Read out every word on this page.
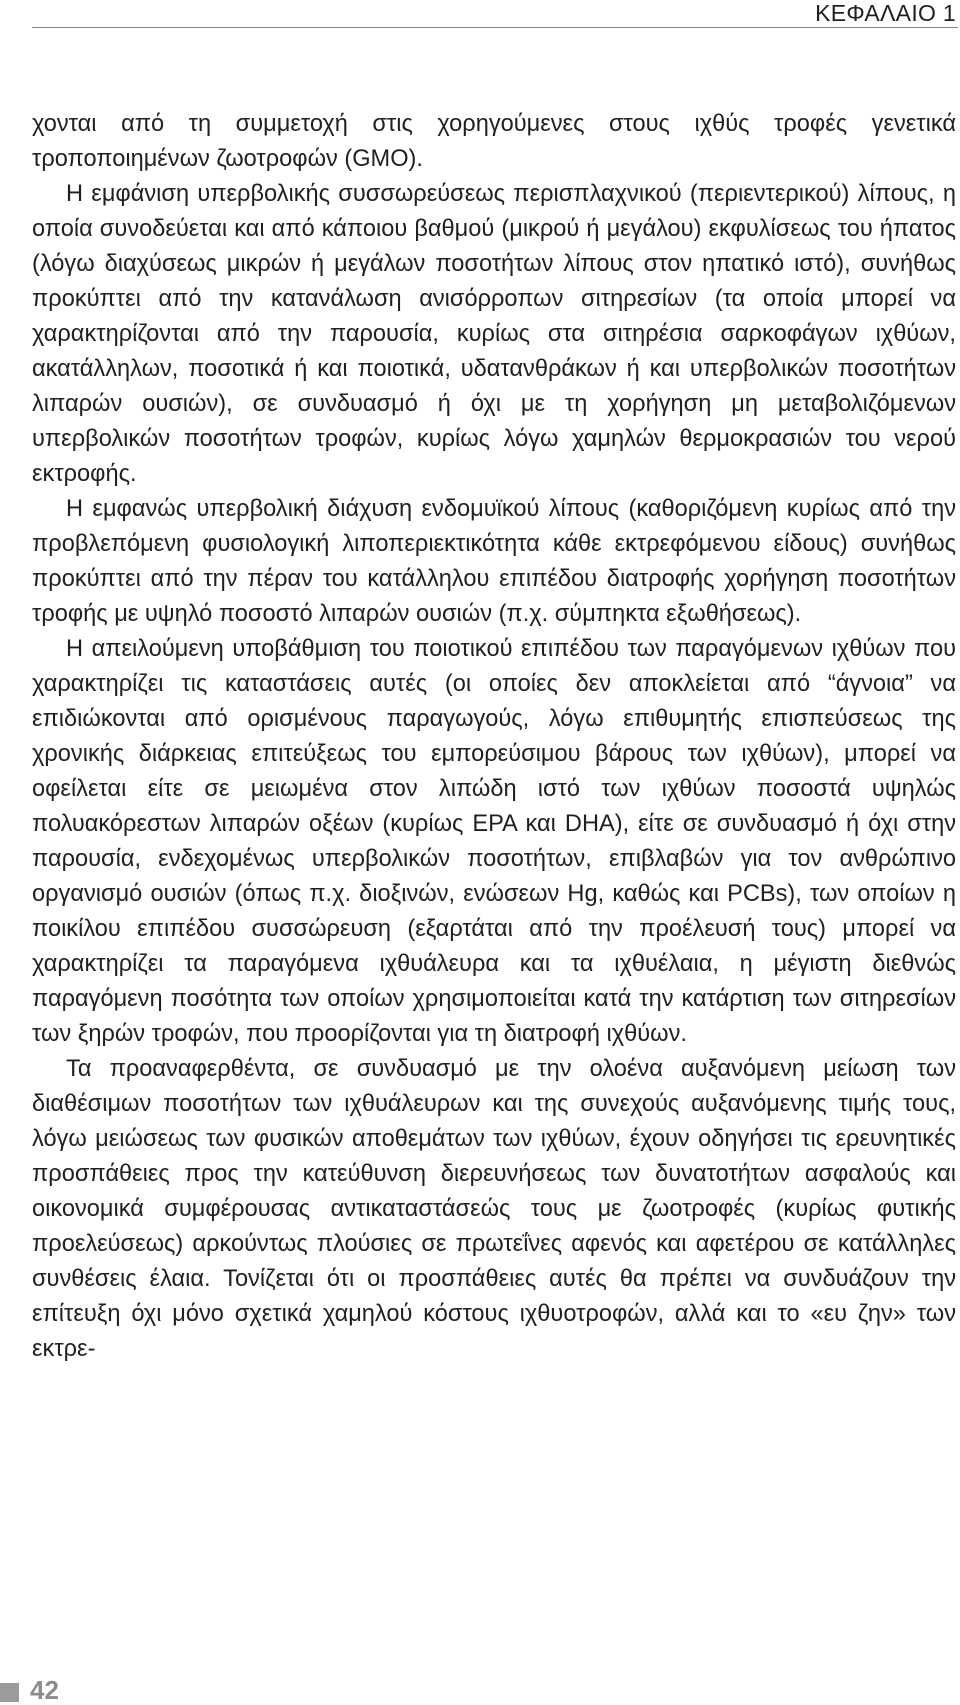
ΚΕΦΑΛΑΙΟ 1

χονται από τη συμμετοχή στις χορηγούμενες στους ιχθύς τροφές γενετικά τροποποιημένων ζωοτροφών (GMO).

Η εμφάνιση υπερβολικής συσσωρεύσεως περισπλαχνικού (περιεντερικού) λίπους, η οποία συνοδεύεται και από κάποιου βαθμού (μικρού ή μεγάλου) εκφυλίσεως του ήπατος (λόγω διαχύσεως μικρών ή μεγάλων ποσοτήτων λίπους στον ηπατικό ιστό), συνήθως προκύπτει από την κατανάλωση ανισόρροπων σιτηρεσίων (τα οποία μπορεί να χαρακτηρίζονται από την παρουσία, κυρίως στα σιτηρέσια σαρκοφάγων ιχθύων, ακατάλληλων, ποσοτικά ή και ποιοτικά, υδατανθράκων ή και υπερβολικών ποσοτήτων λιπαρών ουσιών), σε συνδυασμό ή όχι με τη χορήγηση μη μεταβολιζόμενων υπερβολικών ποσοτήτων τροφών, κυρίως λόγω χαμηλών θερμοκρασιών του νερού εκτροφής.

Η εμφανώς υπερβολική διάχυση ενδομυϊκού λίπους (καθοριζόμενη κυρίως από την προβλεπόμενη φυσιολογική λιποπεριεκτικότητα κάθε εκτρεφόμενου είδους) συνήθως προκύπτει από την πέραν του κατάλληλου επιπέδου διατροφής χορήγηση ποσοτήτων τροφής με υψηλό ποσοστό λιπαρών ουσιών (π.χ. σύμπηκτα εξωθήσεως).

Η απειλούμενη υποβάθμιση του ποιοτικού επιπέδου των παραγόμενων ιχθύων που χαρακτηρίζει τις καταστάσεις αυτές (οι οποίες δεν αποκλείεται από “άγνοια” να επιδιώκονται από ορισμένους παραγωγούς, λόγω επιθυμητής επισπεύσεως της χρονικής διάρκειας επιτεύξεως του εμπορεύσιμου βάρους των ιχθύων), μπορεί να οφείλεται είτε σε μειωμένα στον λιπώδη ιστό των ιχθύων ποσοστά υψηλώς πολυακόρεστων λιπαρών οξέων (κυρίως EPA και DHA), είτε σε συνδυασμό ή όχι στην παρουσία, ενδεχομένως υπερβολικών ποσοτήτων, επιβλαβών για τον ανθρώπινο οργανισμό ουσιών (όπως π.χ. διοξινών, ενώσεων Hg, καθώς και PCBs), των οποίων η ποικίλου επιπέδου συσσώρευση (εξαρτάται από την προέλευσή τους) μπορεί να χαρακτηρίζει τα παραγόμενα ιχθυάλευρα και τα ιχθυέλαια, η μέγιστη διεθνώς παραγόμενη ποσότητα των οποίων χρησιμοποιείται κατά την κατάρτιση των σιτηρεσίων των ξηρών τροφών, που προορίζονται για τη διατροφή ιχθύων.

Τα προαναφερθέντα, σε συνδυασμό με την ολοένα αυξανόμενη μείωση των διαθέσιμων ποσοτήτων των ιχθυάλευρων και της συνεχούς αυξανόμενης τιμής τους, λόγω μειώσεως των φυσικών αποθεμάτων των ιχθύων, έχουν οδηγήσει τις ερευνητικές προσπάθειες προς την κατεύθυνση διερευνήσεως των δυνατοτήτων ασφαλούς και οικονομικά συμφέρουσας αντικαταστάσεώς τους με ζωοτροφές (κυρίως φυτικής προελεύσεως) αρκούντως πλούσιες σε πρωτεΐνες αφενός και αφετέρου σε κατάλληλες συνθέσεις έλαια. Τονίζεται ότι οι προσπάθειες αυτές θα πρέπει να συνδυάζουν την επίτευξη όχι μόνο σχετικά χαμηλού κόστους ιχθυοτροφών, αλλά και το «ευ ζην» των εκτρε-

42
